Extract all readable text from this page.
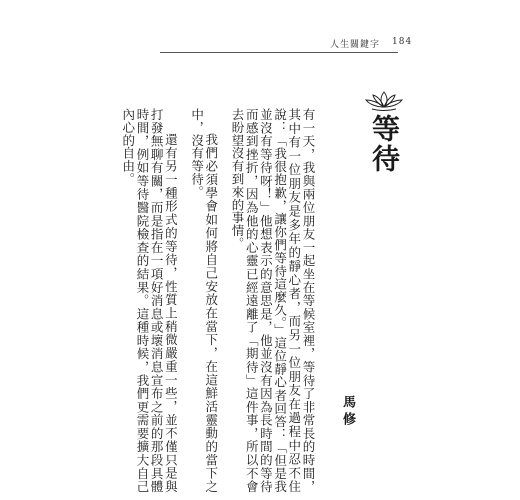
人生關鍵字 184
等待

有一天，我與兩位朋友一起坐在等候室裡，等待了非常長的時間，其中有一位朋友是多年的靜心者，而另一位朋友在過程中忍不住說：「我很抱歉，讓你們等待這麼久。」這位靜心者回答：「但是我並沒有等待呀！」他想表示的意思是，他並沒有因為長時間的等待而感到挫折，因為他的心靈已經遠離了「期待」這件事，所以不會去盼望沒有到來的事情。

我們必須學會如何將自己安放在當下，在這鮮活靈動的當下之中，沒有等待。

還有另一種形式的等待，性質上稍微嚴重一些，並不僅只是與打發無聊有關，而是指在一項好消息或壞消息宣布之前的那段具體時間，例如等待醫院檢查的結果。這種時候，我們更需要擴大自己內心的自由。

馬修
